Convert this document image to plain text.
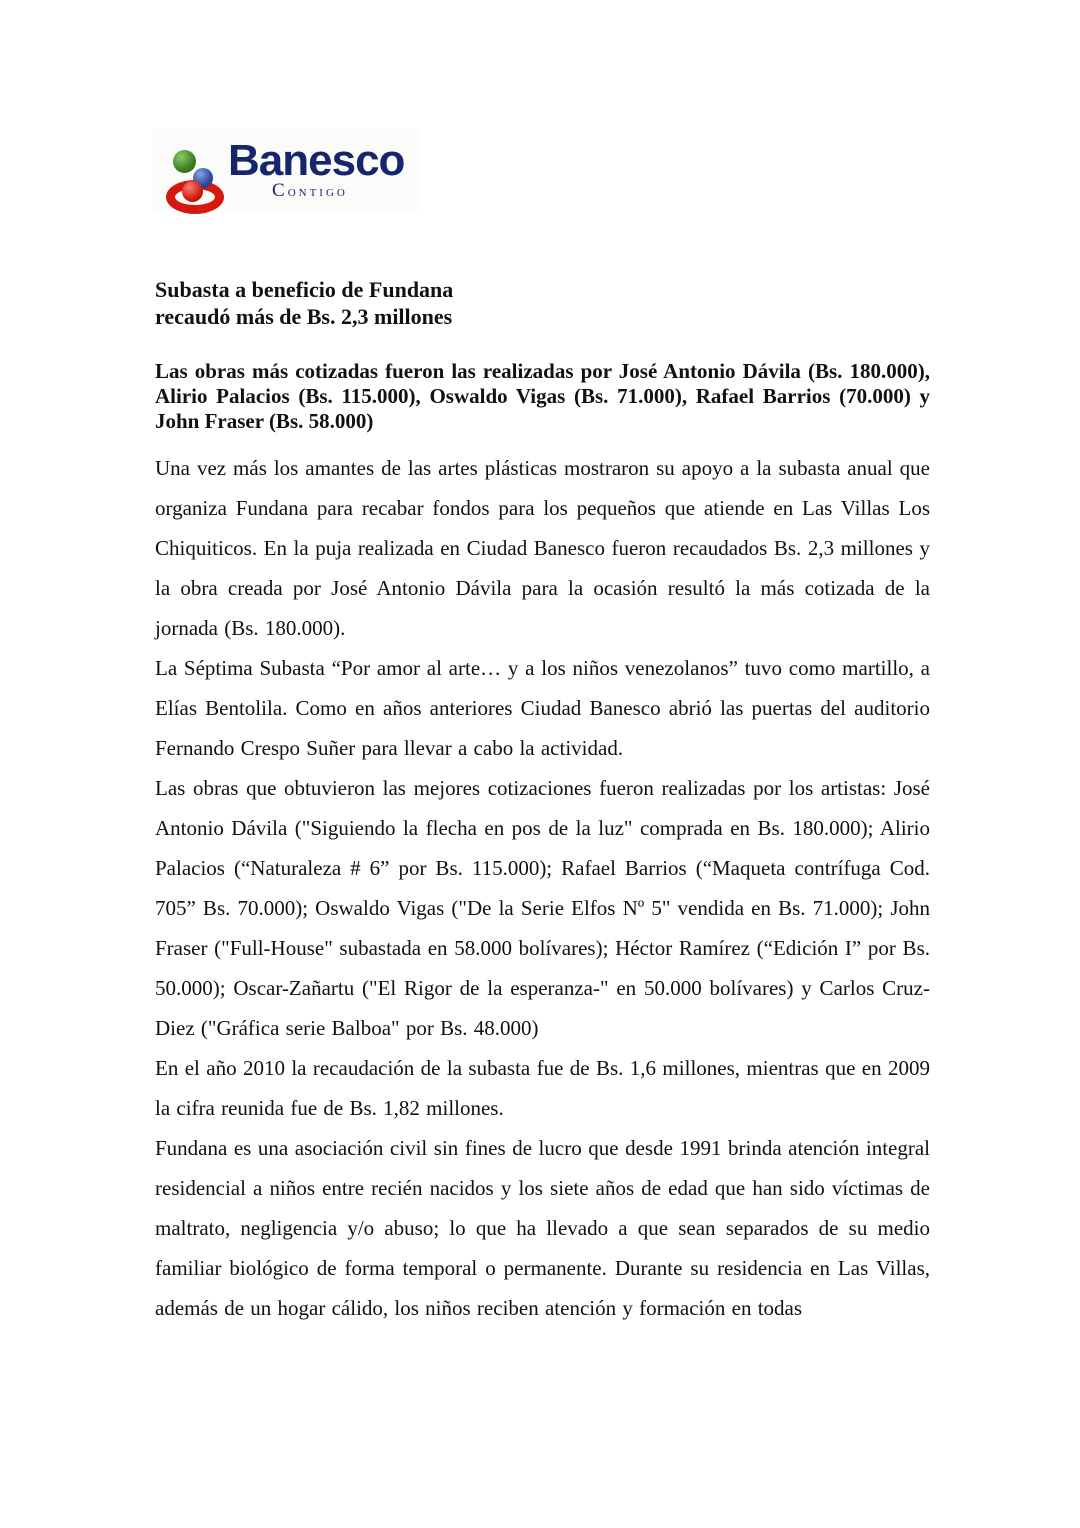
Banesco
Contigo
Subasta a beneficio de Fundana
recaudó más de Bs. 2,3 millones
Las obras más cotizadas fueron las realizadas por José Antonio Dávila (Bs. 180.000), Alirio Palacios (Bs. 115.000), Oswaldo Vigas (Bs. 71.000), Rafael Barrios (70.000) y John Fraser (Bs. 58.000)

Una vez más los amantes de las artes plásticas mostraron su apoyo a la subasta anual que organiza Fundana para recabar fondos para los pequeños que atiende en Las Villas Los Chiquiticos. En la puja realizada en Ciudad Banesco fueron recaudados Bs. 2,3 millones y la obra creada por José Antonio Dávila para la ocasión resultó la más cotizada de la jornada (Bs. 180.000).

La Séptima Subasta “Por amor al arte… y a los niños venezolanos” tuvo como martillo, a Elías Bentolila. Como en años anteriores Ciudad Banesco abrió las puertas del auditorio Fernando Crespo Suñer para llevar a cabo la actividad.

Las obras que obtuvieron las mejores cotizaciones fueron realizadas por los artistas: José Antonio Dávila ("Siguiendo la flecha en pos de la luz" comprada en Bs. 180.000); Alirio Palacios (“Naturaleza # 6” por Bs. 115.000); Rafael Barrios (“Maqueta contrífuga Cod. 705” Bs. 70.000); Oswaldo Vigas ("De la Serie Elfos Nº 5" vendida en Bs. 71.000); John Fraser ("Full-House" subastada en 58.000 bolívares); Héctor Ramírez (“Edición I” por Bs. 50.000); Oscar-Zañartu ("El Rigor de la esperanza-" en 50.000 bolívares) y Carlos Cruz-Diez ("Gráfica serie Balboa" por Bs. 48.000)

En el año 2010 la recaudación de la subasta fue de Bs. 1,6 millones, mientras que en 2009 la cifra reunida fue de Bs. 1,82 millones.

Fundana es una asociación civil sin fines de lucro que desde 1991 brinda atención integral residencial a niños entre recién nacidos y los siete años de edad que han sido víctimas de maltrato, negligencia y/o abuso; lo que ha llevado a que sean separados de su medio familiar biológico de forma temporal o permanente. Durante su residencia en Las Villas, además de un hogar cálido, los niños reciben atención y formación en todas
